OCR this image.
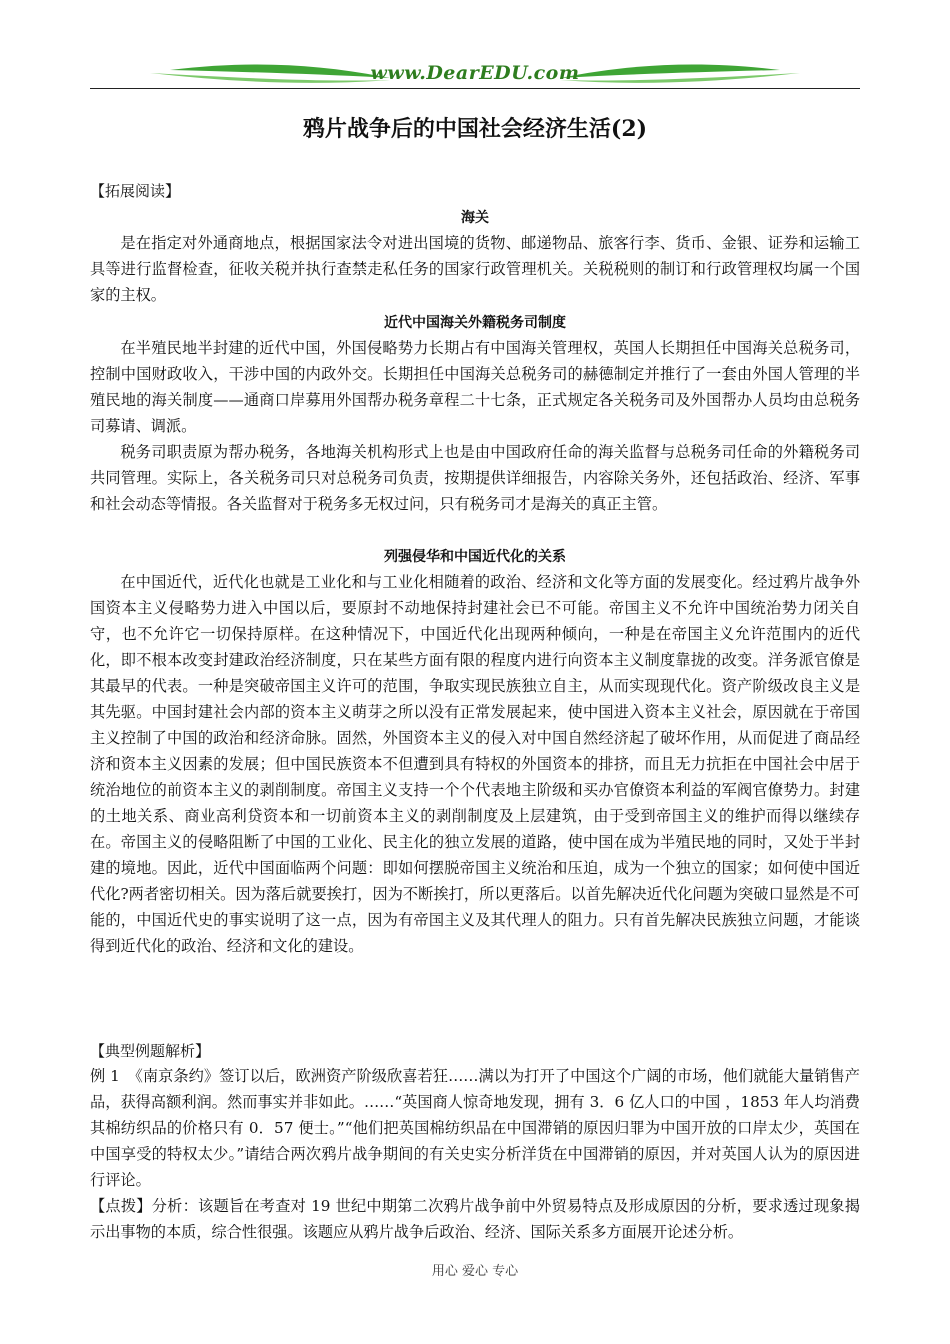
www.DearEDU.com
鸦片战争后的中国社会经济生活(2)
【拓展阅读】
海关

是在指定对外通商地点，根据国家法令对进出国境的货物、邮递物品、旅客行李、货币、金银、证券和运输工具等进行监督检查，征收关税并执行查禁走私任务的国家行政管理机关。关税税则的制订和行政管理权均属一个国家的主权。

近代中国海关外籍税务司制度

在半殖民地半封建的近代中国，外国侵略势力长期占有中国海关管理权，英国人长期担任中国海关总税务司，控制中国财政收入，干涉中国的内政外交。长期担任中国海关总税务司的赫德制定并推行了一套由外国人管理的半殖民地的海关制度——通商口岸募用外国帮办税务章程二十七条，正式规定各关税务司及外国帮办人员均由总税务司募请、调派。

税务司职责原为帮办税务，各地海关机构形式上也是由中国政府任命的海关监督与总税务司任命的外籍税务司共同管理。实际上，各关税务司只对总税务司负责，按期提供详细报告，内容除关务外，还包括政治、经济、军事和社会动态等情报。各关监督对于税务多无权过问，只有税务司才是海关的真正主管。

列强侵华和中国近代化的关系

在中国近代，近代化也就是工业化和与工业化相随着的政治、经济和文化等方面的发展变化。经过鸦片战争外国资本主义侵略势力进入中国以后，要原封不动地保持封建社会已不可能。帝国主义不允许中国统治势力闭关自守，也不允许它一切保持原样。在这种情况下，中国近代化出现两种倾向，一种是在帝国主义允许范围内的近代化，即不根本改变封建政治经济制度，只在某些方面有限的程度内进行向资本主义制度靠拢的改变。洋务派官僚是其最早的代表。一种是突破帝国主义许可的范围，争取实现民族独立自主，从而实现现代化。资产阶级改良主义是其先驱。中国封建社会内部的资本主义萌芽之所以没有正常发展起来，使中国进入资本主义社会，原因就在于帝国主义控制了中国的政治和经济命脉。固然，外国资本主义的侵入对中国自然经济起了破坏作用，从而促进了商品经济和资本主义因素的发展；但中国民族资本不但遭到具有特权的外国资本的排挤，而且无力抗拒在中国社会中居于统治地位的前资本主义的剥削制度。帝国主义支持一个个代表地主阶级和买办官僚资本利益的军阀官僚势力。封建的土地关系、商业高利贷资本和一切前资本主义的剥削制度及上层建筑，由于受到帝国主义的维护而得以继续存在。帝国主义的侵略阻断了中国的工业化、民主化的独立发展的道路，使中国在成为半殖民地的同时，又处于半封建的境地。因此，近代中国面临两个问题：即如何摆脱帝国主义统治和压迫，成为一个独立的国家；如何使中国近代化?两者密切相关。因为落后就要挨打，因为不断挨打，所以更落后。以首先解决近代化问题为突破口显然是不可能的，中国近代史的事实说明了这一点，因为有帝国主义及其代理人的阻力。只有首先解决民族独立问题，才能谈得到近代化的政治、经济和文化的建设。

【典型例题解析】

例 1　《南京条约》签订以后，欧洲资产阶级欣喜若狂……满以为打开了中国这个广阔的市场，他们就能大量销售产品，获得高额利润。然而事实并非如此。……“英国商人惊奇地发现，拥有 3．6 亿人口的中国 ，1853 年人均消费其棉纺织品的价格只有 0．57 便士。”“他们把英国棉纺织品在中国滞销的原因归罪为中国开放的口岸太少，英国在中国享受的特权太少。”请结合两次鸦片战争期间的有关史实分析洋货在中国滞销的原因，并对英国人认为的原因进行评论。

【点拨】分析：该题旨在考查对 19 世纪中期第二次鸦片战争前中外贸易特点及形成原因的分析，要求透过现象揭示出事物的本质，综合性很强。该题应从鸦片战争后政治、经济、国际关系多方面展开论述分析。

用心 爱心 专心
